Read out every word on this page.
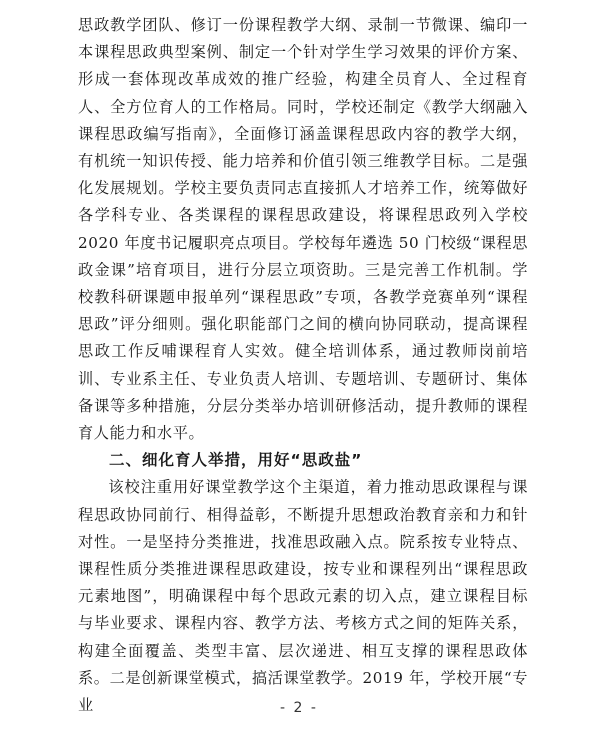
思政教学团队、修订一份课程教学大纲、录制一节微课、编印一本课程思政典型案例、制定一个针对学生学习效果的评价方案、形成一套体现改革成效的推广经验，构建全员育人、全过程育人、全方位育人的工作格局。同时，学校还制定《教学大纲融入课程思政编写指南》，全面修订涵盖课程思政内容的教学大纲，有机统一知识传授、能力培养和价值引领三维教学目标。二是强化发展规划。学校主要负责同志直接抓人才培养工作，统筹做好各学科专业、各类课程的课程思政建设，将课程思政列入学校 2020 年度书记履职亮点项目。学校每年遴选 50 门校级“课程思政金课”培育项目，进行分层立项资助。三是完善工作机制。学校教科研课题申报单列“课程思政”专项，各教学竞赛单列“课程思政”评分细则。强化职能部门之间的横向协同联动，提高课程思政工作反哺课程育人实效。健全培训体系，通过教师岗前培训、专业系主任、专业负责人培训、专题培训、专题研讨、集体备课等多种措施，分层分类举办培训研修活动，提升教师的课程育人能力和水平。

二、细化育人举措，用好“思政盐”

该校注重用好课堂教学这个主渠道，着力推动思政课程与课程思政协同前行、相得益彰，不断提升思想政治教育亲和力和针对性。一是坚持分类推进，找准思政融入点。院系按专业特点、课程性质分类推进课程思政建设，按专业和课程列出“课程思政元素地图”，明确课程中每个思政元素的切入点，建立课程目标与毕业要求、课程内容、教学方法、考核方式之间的矩阵关系，构建全面覆盖、类型丰富、层次递进、相互支撑的课程思政体系。二是创新课堂模式，搞活课堂教学。2019 年，学校开展“专业	- 2 -
